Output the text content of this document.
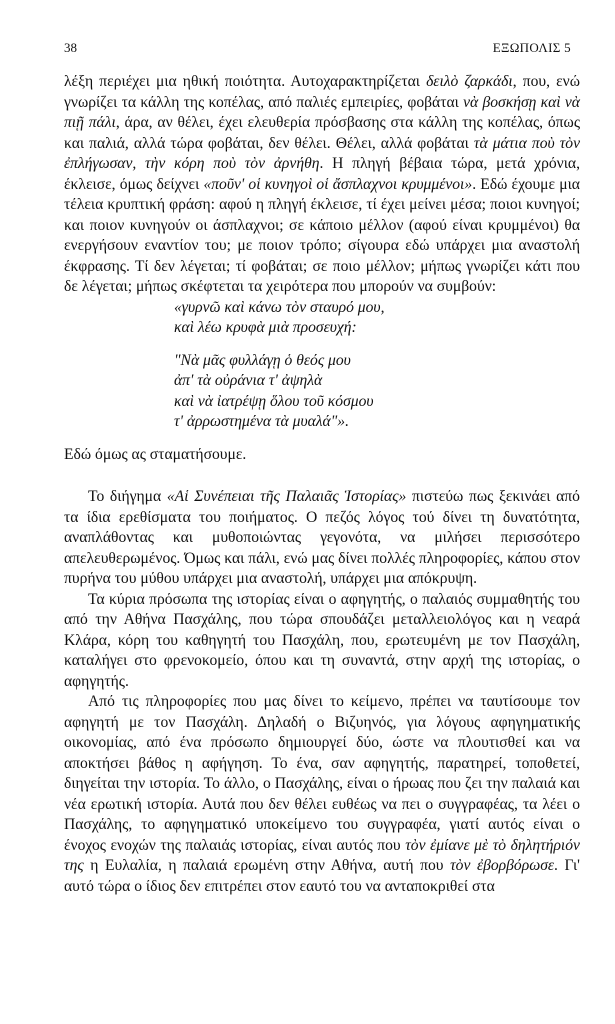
38	ΕΞΩΠΟΛΙΣ 5

λέξη περιέχει μια ηθική ποιότητα. Αυτοχαρακτηρίζεται δειλὸ ζαρκάδι, που, ενώ γνωρίζει τα κάλλη της κοπέλας, από παλιές εμπειρίες, φοβάται νὰ βοσκήσῃ καὶ νὰ πιῇ πάλι, άρα, αν θέλει, έχει ελευθερία πρόσβασης στα κάλλη της κοπέλας, όπως και παλιά, αλλά τώρα φοβάται, δεν θέλει. Θέλει, αλλά φοβάται τὰ μάτια ποὺ τὸν ἐπλήγωσαν, τὴν κόρη ποὺ τὸν ἀρνήθη. Η πληγή βέβαια τώρα, μετά χρόνια, έκλεισε, όμως δείχνει «ποῦν' οἱ κυνηγοὶ οἱ ἄσπλαχνοι κρυμμένοι». Εδώ έχουμε μια τέλεια κρυπτική φράση: αφού η πληγή έκλεισε, τί έχει μείνει μέσα; ποιοι κυνηγοί; και ποιον κυνηγούν οι άσπλαχνοι; σε κάποιο μέλλον (αφού είναι κρυμμένοι) θα ενεργήσουν εναντίον του; με ποιον τρόπο; σίγουρα εδώ υπάρχει μια αναστολή έκφρασης. Τί δεν λέγεται; τί φοβάται; σε ποιο μέλλον; μήπως γνωρίζει κάτι που δε λέγεται; μήπως σκέφτεται τα χειρότερα που μπορούν να συμβούν:

«γυρνῶ καὶ κάνω τὸν σταυρό μου,
καὶ λέω κρυφὰ μιὰ προσευχή:
"Νὰ μᾶς φυλλάγῃ ὁ θεός μου
ἀπ' τὰ οὐράνια τ' ἀψηλὰ
καὶ νὰ ἰατρέψῃ ὅλου τοῦ κόσμου
τ' ἀρρωστημένα τὰ μυαλά"».

Εδώ όμως ας σταματήσουμε.

Το διήγημα «Αἱ Συνέπειαι τῆς Παλαιᾶς Ἱστορίας» πιστεύω πως ξεκινάει από τα ίδια ερεθίσματα του ποιήματος. Ο πεζός λόγος τού δίνει τη δυνατότητα, αναπλάθοντας και μυθοποιώντας γεγονότα, να μιλήσει περισσότερο απελευθερωμένος. Όμως και πάλι, ενώ μας δίνει πολλές πληροφορίες, κάπου στον πυρήνα του μύθου υπάρχει μια αναστολή, υπάρχει μια απόκρυψη.

Τα κύρια πρόσωπα της ιστορίας είναι ο αφηγητής, ο παλαιός συμμαθητής του από την Αθήνα Πασχάλης, που τώρα σπουδάζει μεταλλειολόγος και η νεαρά Κλάρα, κόρη του καθηγητή του Πασχάλη, που, ερωτευμένη με τον Πασχάλη, καταλήγει στο φρενοκομείο, όπου και τη συναντά, στην αρχή της ιστορίας, ο αφηγητής.

Από τις πληροφορίες που μας δίνει το κείμενο, πρέπει να ταυτίσουμε τον αφηγητή με τον Πασχάλη. Δηλαδή ο Βιζυηνός, για λόγους αφηγηματικής οικονομίας, από ένα πρόσωπο δημιουργεί δύο, ώστε να πλουτισθεί και να αποκτήσει βάθος η αφήγηση. Το ένα, σαν αφηγητής, παρατηρεί, τοποθετεί, διηγείται την ιστορία. Το άλλο, ο Πασχάλης, είναι ο ήρωας που ζει την παλαιά και νέα ερωτική ιστορία. Αυτά που δεν θέλει ευθέως να πει ο συγγραφέας, τα λέει ο Πασχάλης, το αφηγηματικό υποκείμενο του συγγραφέα, γιατί αυτός είναι ο ένοχος ενοχών της παλαιάς ιστορίας, είναι αυτός που τὸν ἐμίανε μὲ τὸ δηλητήριόν της η Ευλαλία, η παλαιά ερωμένη στην Αθήνα, αυτή που τὸν ἐβορβόρωσε. Γι' αυτό τώρα ο ίδιος δεν επιτρέπει στον εαυτό του να ανταποκριθεί στα
